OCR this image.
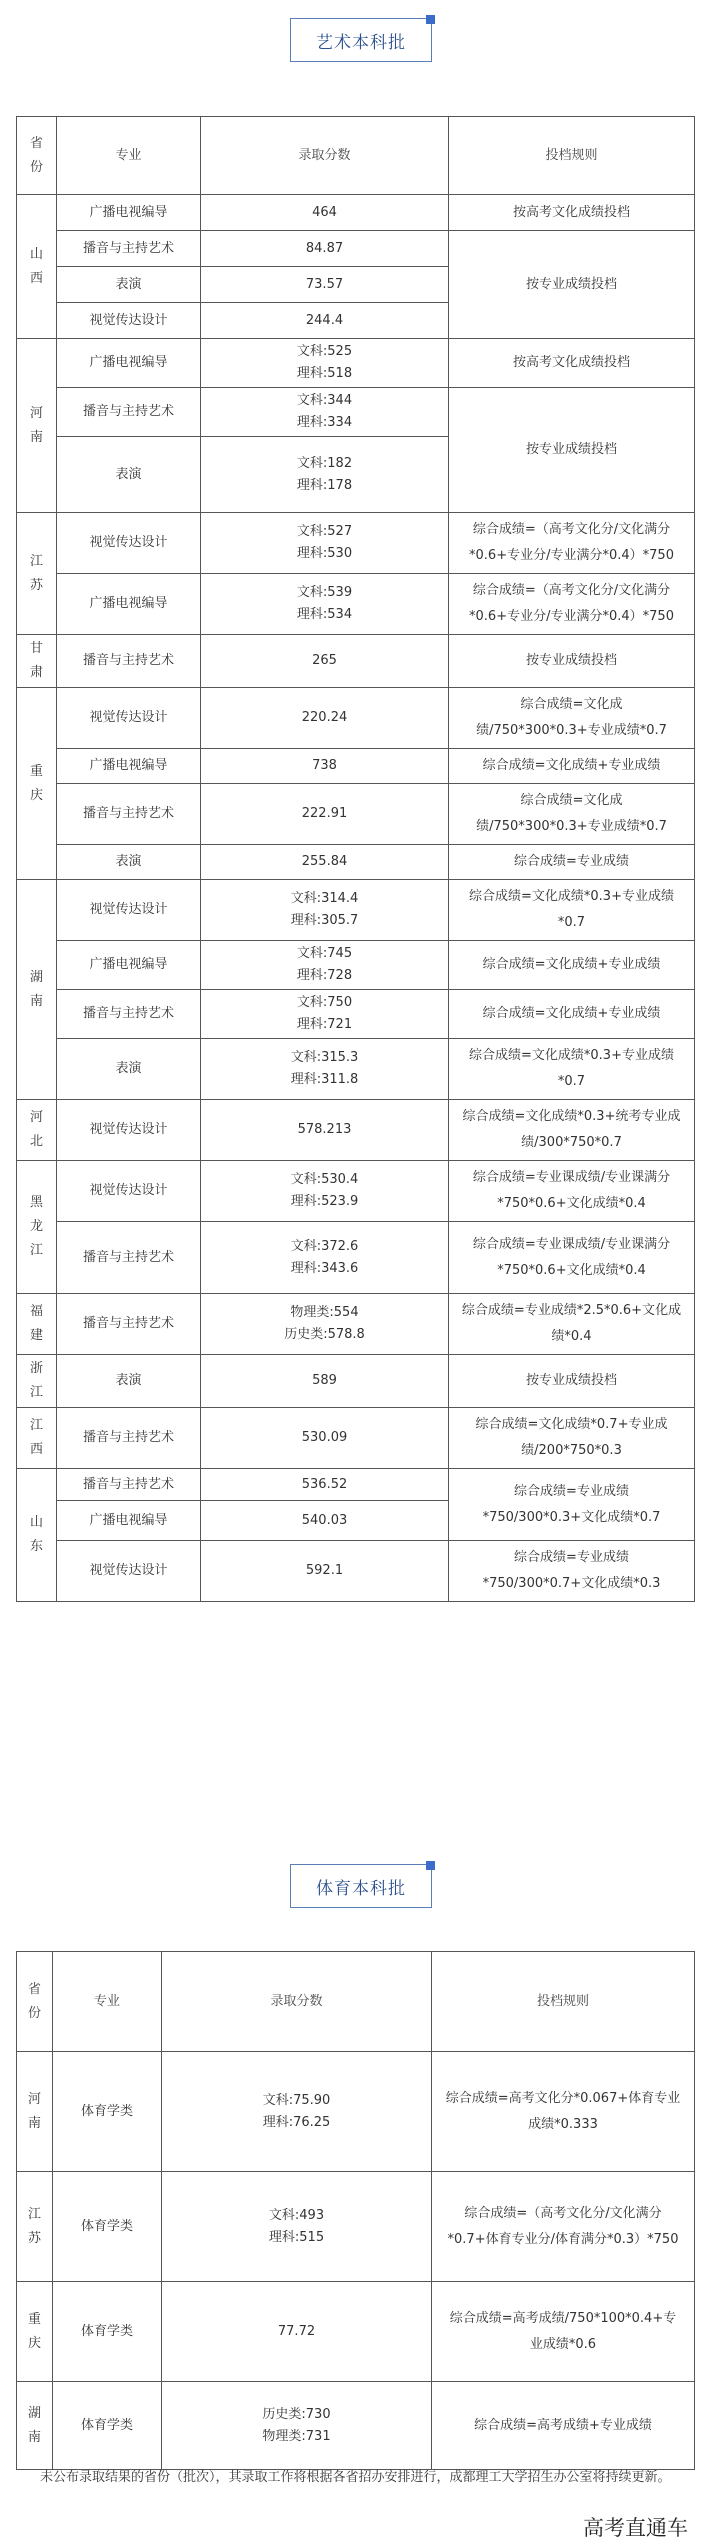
艺术本科批
省
份	专业	录取分数	投档规则

山
西	广播电视编导	464	按高考文化成绩投档
	播音与主持艺术	84.87	按专业成绩投档
	表演	73.57	

	视觉传达设计	244.4	

河
南	广播电视编导	文科:525
理科:518	按高考文化成绩投档
	播音与主持艺术	文科:344
理科:334	按专业成绩投档
	表演	文科:182
理科:178	

江
苏	视觉传达设计	文科:527
理科:530	综合成绩=（高考文化分/文化满分*0.6+专业分/专业满分*0.4）*750
	广播电视编导	文科:539
理科:534	综合成绩=（高考文化分/文化满分*0.6+专业分/专业满分*0.4）*750

甘
肃	播音与主持艺术	265	按专业成绩投档

重
庆	视觉传达设计	220.24	综合成绩=文化成绩/750*300*0.3+专业成绩*0.7
	广播电视编导	738	综合成绩=文化成绩+专业成绩
	播音与主持艺术	222.91	综合成绩=文化成绩/750*300*0.3+专业成绩*0.7
	表演	255.84	综合成绩=专业成绩

湖
南	视觉传达设计	文科:314.4
理科:305.7	综合成绩=文化成绩*0.3+专业成绩*0.7
	广播电视编导	文科:745
理科:728	综合成绩=文化成绩+专业成绩
	播音与主持艺术	文科:750
理科:721	综合成绩=文化成绩+专业成绩
	表演	文科:315.3
理科:311.8	综合成绩=文化成绩*0.3+专业成绩*0.7

河
北	视觉传达设计	578.213	综合成绩=文化成绩*0.3+统考专业成绩/300*750*0.7

黑
龙
江	视觉传达设计	文科:530.4
理科:523.9	综合成绩=专业课成绩/专业课满分*750*0.6+文化成绩*0.4
	播音与主持艺术	文科:372.6
理科:343.6	综合成绩=专业课成绩/专业课满分*750*0.6+文化成绩*0.4

福
建	播音与主持艺术	物理类:554
历史类:578.8	综合成绩=专业成绩*2.5*0.6+文化成绩*0.4

浙
江	表演	589	按专业成绩投档

江
西	播音与主持艺术	530.09	综合成绩=文化成绩*0.7+专业成绩/200*750*0.3

山
东	播音与主持艺术	536.52	综合成绩=专业成绩*750/300*0.3+文化成绩*0.7
	广播电视编导	540.03	

	视觉传达设计	592.1	综合成绩=专业成绩*750/300*0.7+文化成绩*0.3
体育本科批
省
份	专业	录取分数	投档规则

河
南	体育学类	文科:75.90
理科:76.25	综合成绩=高考文化分*0.067+体育专业成绩*0.333

江
苏	体育学类	文科:493
理科:515	综合成绩=（高考文化分/文化满分*0.7+体育专业分/体育满分*0.3）*750

重
庆	体育学类	77.72	综合成绩=高考成绩/750*100*0.4+专业成绩*0.6

湖
南	体育学类	历史类:730
物理类:731	综合成绩=高考成绩+专业成绩

未公布录取结果的省份（批次），其录取工作将根据各省招办安排进行，成都理工大学招生办公室将持续更新。

高考直通车
